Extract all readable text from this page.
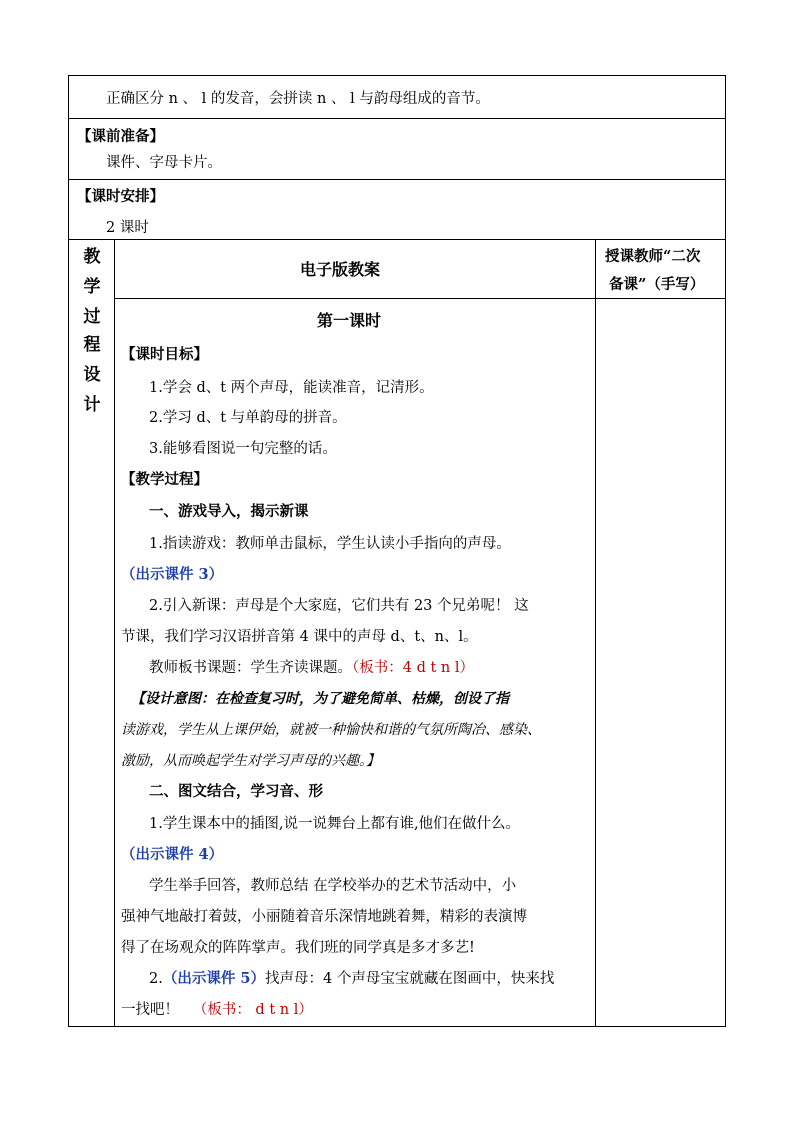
正确区分 n 、 l 的发音，会拼读 n 、 l 与韵母组成的音节。
【课前准备】
课件、字母卡片。
【课时安排】
2 课时
教
学
过
程
设
计
电子版教案
授课教师“二次
备课”（手写）
第一课时
【课时目标】
1.学会 d、t 两个声母，能读准音，记清形。
2.学习 d、t 与单韵母的拼音。
3.能够看图说一句完整的话。
【教学过程】
一、游戏导入，揭示新课
1.指读游戏：教师单击鼠标，学生认读小手指向的声母。
（出示课件 3）
2.引入新课：声母是个大家庭，它们共有 23 个兄弟呢！ 这
节课，我们学习汉语拼音第 4 课中的声母 d、t、n、l。
教师板书课题：学生齐读课题。（板书：4 d t n l）
【设计意图：在检查复习时，为了避免简单、枯燥，创设了指
读游戏，学生从上课伊始，就被一种愉快和谐的气氛所陶冶、感染、
激励，从而唤起学生对学习声母的兴趣。】
二、图文结合，学习音、形
1.学生课本中的插图,说一说舞台上都有谁,他们在做什么。
（出示课件 4）
学生举手回答，教师总结 在学校举办的艺术节活动中，小
强神气地敲打着鼓，小丽随着音乐深情地跳着舞，精彩的表演博
得了在场观众的阵阵掌声。我们班的同学真是多才多艺!
2.（出示课件 5）找声母：4 个声母宝宝就藏在图画中，快来找
一找吧！ （板书： d t n l）
